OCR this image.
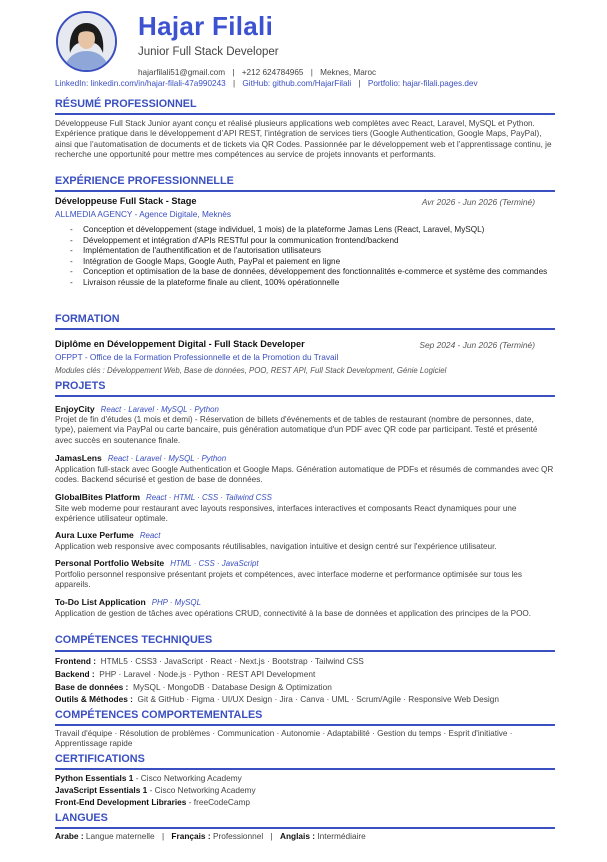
Hajar Filali
Junior Full Stack Developer
hajarfilali51@gmail.com | +212 624784965 | Meknes, Maroc
LinkedIn: linkedin.com/in/hajar-filali-47a990243 | GitHub: github.com/HajarFilali | Portfolio: hajar-filali.pages.dev
RÉSUMÉ PROFESSIONNEL
Développeuse Full Stack Junior ayant conçu et réalisé plusieurs applications web complètes avec React, Laravel, MySQL et Python. Expérience pratique dans le développement d’API REST, l’intégration de services tiers (Google Authentication, Google Maps, PayPal), ainsi que l’automatisation de documents et de tickets via QR Codes. Passionnée par le développement web et l’apprentissage continu, je recherche une opportunité pour mettre mes compétences au service de projets innovants et performants.
EXPÉRIENCE PROFESSIONNELLE
Développeuse Full Stack - Stage	Avr 2026 - Jun 2026 (Terminé)
ALLMEDIA AGENCY - Agence Digitale, Meknès
- Conception et développement (stage individuel, 1 mois) de la plateforme Jamas Lens (React, Laravel, MySQL)
- Développement et intégration d'APIs RESTful pour la communication frontend/backend
- Implémentation de l'authentification et de l'autorisation utilisateurs
- Intégration de Google Maps, Google Auth, PayPal et paiement en ligne
- Conception et optimisation de la base de données, développement des fonctionnalités e-commerce et système des commandes
- Livraison réussie de la plateforme finale au client, 100% opérationnelle
FORMATION
Diplôme en Développement Digital - Full Stack Developer	Sep 2024 - Jun 2026 (Terminé)
OFPPT - Office de la Formation Professionnelle et de la Promotion du Travail
Modules clés : Développement Web, Base de données, POO, REST API, Full Stack Development, Génie Logiciel
PROJETS
EnjoyCity React · Laravel · MySQL · Python
Projet de fin d'études (1 mois et demi) - Réservation de billets d'événements et de tables de restaurant (nombre de personnes, date, type), paiement via PayPal ou carte bancaire, puis génération automatique d'un PDF avec QR code par participant. Testé et présenté avec succès en soutenance finale.
JamasLens React · Laravel · MySQL · Python
Application full-stack avec Google Authentication et Google Maps. Génération automatique de PDFs et résumés de commandes avec QR codes. Backend sécurisé et gestion de base de données.
GlobalBites Platform React · HTML · CSS · Tailwind CSS
Site web moderne pour restaurant avec layouts responsives, interfaces interactives et composants React dynamiques pour une expérience utilisateur optimale.
Aura Luxe Perfume React
Application web responsive avec composants réutilisables, navigation intuitive et design centré sur l'expérience utilisateur.
Personal Portfolio Website HTML · CSS · JavaScript
Portfolio personnel responsive présentant projets et compétences, avec interface moderne et performance optimisée sur tous les appareils.
To-Do List Application PHP · MySQL
Application de gestion de tâches avec opérations CRUD, connectivité à la base de données et application des principes de la POO.
COMPÉTENCES TECHNIQUES
Frontend : HTML5 · CSS3 · JavaScript · React · Next.js · Bootstrap · Tailwind CSS
Backend : PHP · Laravel · Node.js · Python · REST API Development
Base de données : MySQL · MongoDB · Database Design & Optimization
Outils & Méthodes : Git & GitHub · Figma · UI/UX Design · Jira · Canva · UML · Scrum/Agile · Responsive Web Design
COMPÉTENCES COMPORTEMENTALES
Travail d'équipe · Résolution de problèmes · Communication · Autonomie · Adaptabilité · Gestion du temps · Esprit d'initiative · Apprentissage rapide
CERTIFICATIONS
Python Essentials 1 - Cisco Networking Academy
JavaScript Essentials 1 - Cisco Networking Academy
Front-End Development Libraries - freeCodeCamp
LANGUES
Arabe : Langue maternelle | Français : Professionnel | Anglais : Intermédiaire
